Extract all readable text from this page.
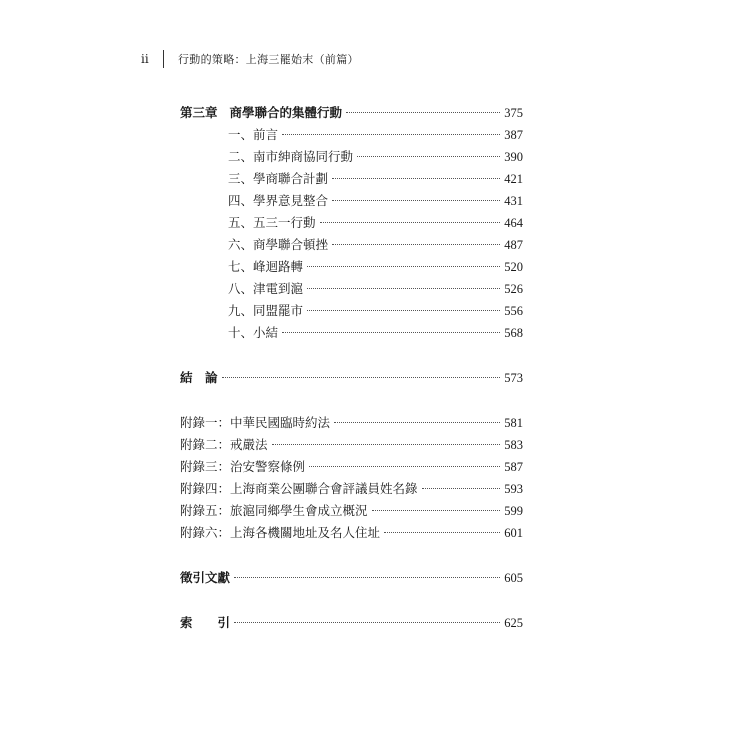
ii	行動的策略：上海三罷始末（前篇）
第三章 商學聯合的集體行動	375
一、前言	387
二、南市紳商協同行動	390
三、學商聯合計劃	421
四、學界意見整合	431
五、五三一行動	464
六、商學聯合頓挫	487
七、峰迴路轉	520
八、津電到滬	526
九、同盟罷市	556
十、小結	568
結　論	573
附錄一：中華民國臨時約法	581
附錄二：戒嚴法	583
附錄三：治安警察條例	587
附錄四：上海商業公團聯合會評議員姓名錄	593
附錄五：旅滬同鄉學生會成立概況	599
附錄六：上海各機關地址及名人住址	601
徵引文獻	605
索　　引	625
